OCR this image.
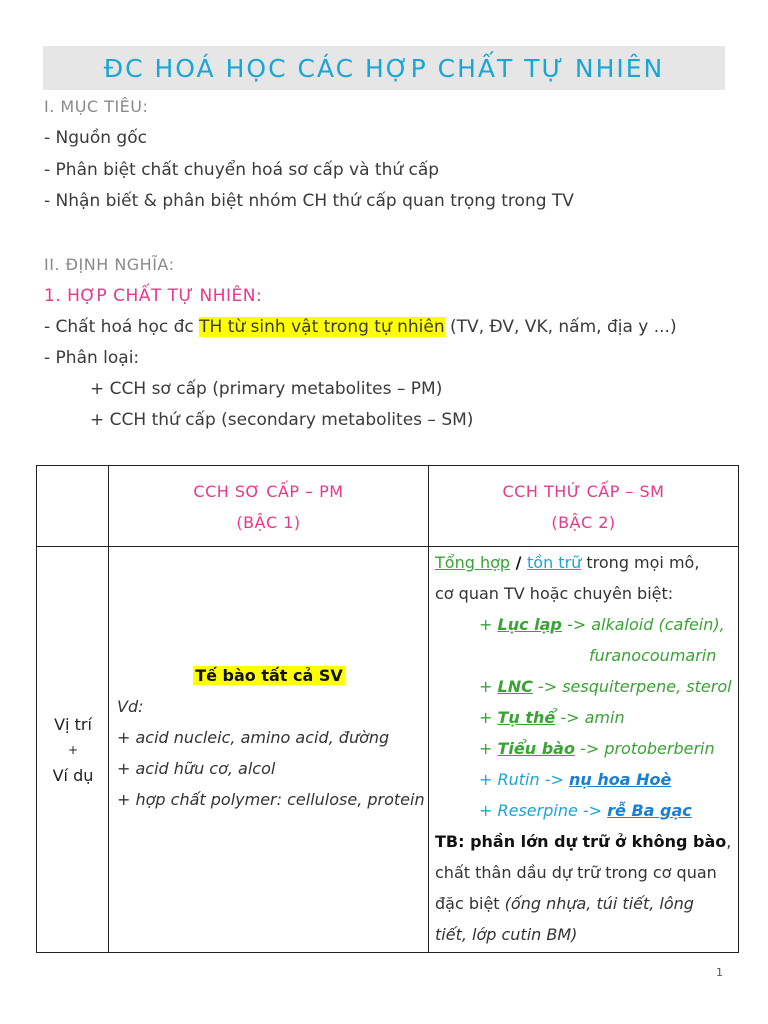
ĐC HOÁ HỌC CÁC HỢP CHẤT TỰ NHIÊN
I. MỤC TIÊU:
- Nguồn gốc
- Phân biệt chất chuyển hoá sơ cấp và thứ cấp
- Nhận biết & phân biệt nhóm CH thứ cấp quan trọng trong TV
II. ĐỊNH NGHĨA:
1. HỢP CHẤT TỰ NHIÊN:
- Chất hoá học đc TH từ sinh vật trong tự nhiên (TV, ĐV, VK, nấm, địa y ...)
- Phân loại:
+ CCH sơ cấp (primary metabolites – PM)
+ CCH thứ cấp (secondary metabolites – SM)
CCH SƠ CẤP – PM
(BẬC 1)
CCH THỨ CẤP – SM
(BẬC 2)
Vị trí
+
Ví dụ
Tế bào tất cả SV
Vd:
+ acid nucleic, amino acid, đường
+ acid hữu cơ, alcol
+ hợp chất polymer: cellulose, protein
Tổng hợp / tồn trữ trong mọi mô,
cơ quan TV hoặc chuyên biệt:
+ Lục lạp -> alkaloid (cafein),
furanocoumarin
+ LNC -> sesquiterpene, sterol
+ Tụ thể -> amin
+ Tiểu bào -> protoberberin
+ Rutin -> nụ hoa Hoè
+ Reserpine -> rễ Ba gạc
TB: phần lớn dự trữ ở không bào,
chất thân dầu dự trữ trong cơ quan
đặc biệt (ống nhựa, túi tiết, lông
tiết, lớp cutin BM)
1
